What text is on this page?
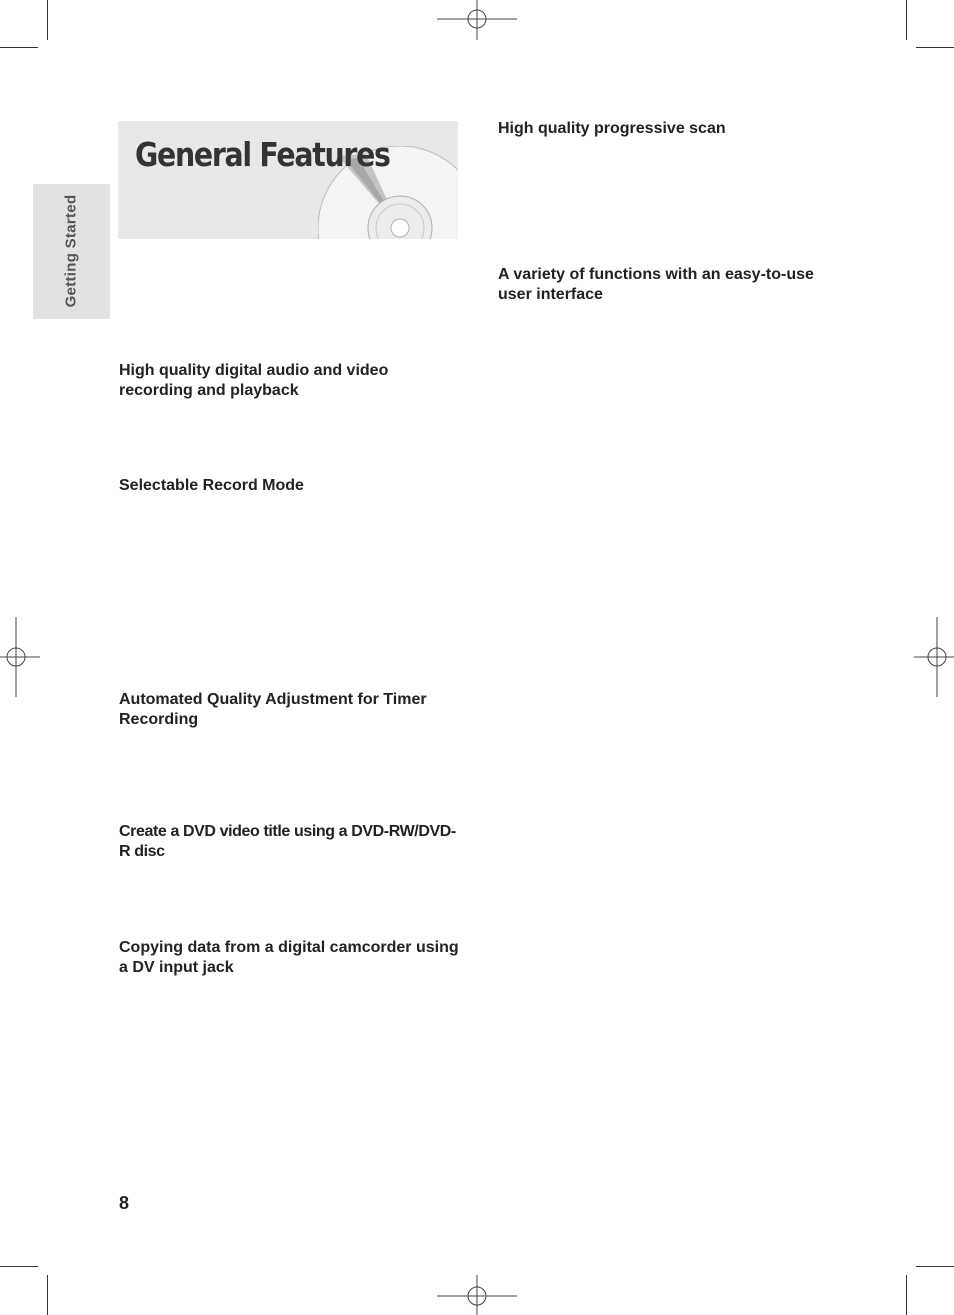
Getting Started
General Features
High quality digital audio and video recording and playback
Selectable Record Mode
Automated Quality Adjustment for Timer Recording
Create a DVD video title using a DVD-RW/DVD-R disc
Copying data from a digital camcorder using a DV input jack
High quality progressive scan
A variety of functions with an easy-to-use user interface
8
